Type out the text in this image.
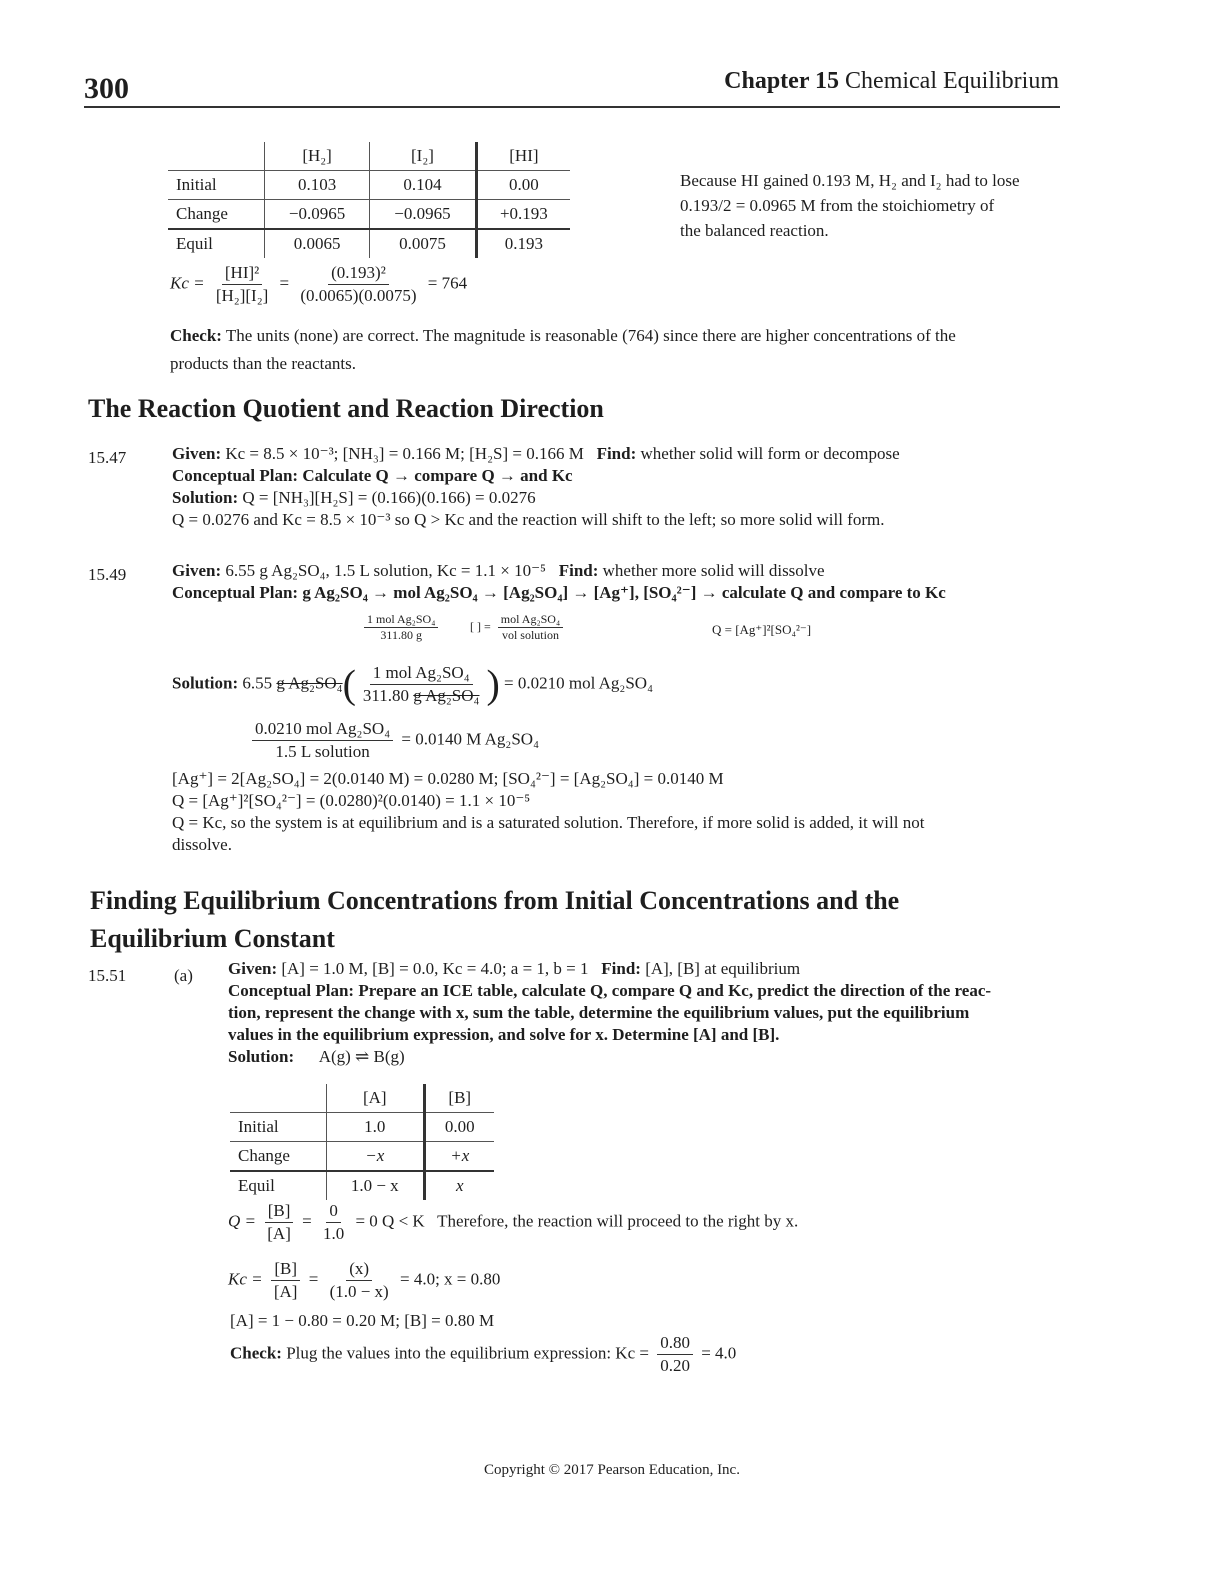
300	Chapter 15 Chemical Equilibrium
	[H₂]	[I₂]	[HI]
Initial	0.103	0.104	0.00
Change	−0.0965	−0.0965	+0.193
Equil	0.0065	0.0075	0.193
Because HI gained 0.193 M, H₂ and I₂ had to lose
0.193/2 = 0.0965 M from the stoichiometry of
the balanced reaction.
$Kc = \frac{\text{[HI]²}}{\text{[H₂][I₂]}} = \frac{\text{(0.193)²}}{(0.0065)(0.0075)} = 764$
Check: The units (none) are correct. The magnitude is reasonable (764) since there are higher concentrations of the
products than the reactants.
The Reaction Quotient and Reaction Direction
15.47	Given: Kc = 8.5 × 10⁻³; [NH₃] = 0.166 M; [H₂S] = 0.166 M Find: whether solid will form or decompose
Conceptual Plan: Calculate Q → compare Q → and Kc
Solution: Q = [NH₃][H₂S] = (0.166)(0.166) = 0.0276
Q = 0.0276 and Kc = 8.5 × 10⁻³ so Q > Kc and the reaction will shift to the left; so more solid will form.
15.49	Given: 6.55 g Ag₂SO₄, 1.5 L solution, Kc = 1.1 × 10⁻⁵ Find: whether more solid will dissolve
Conceptual Plan: g Ag₂SO₄ → mol Ag₂SO₄ → [Ag₂SO₄] → [Ag⁺], [SO₄²⁻] → calculate Q and compare to Kc
$\frac{\text{1 mol Ag₂SO₄}}{311.80 g}$	[ ] = $\frac{\text{mol Ag₂SO₄}}{\text{vol solution}}$	Q = [Ag⁺]²[SO₄²⁻]
Solution: 6.55 g $Ag_2SO_4( \frac{\text{1 mol Ag₂SO₄}}{\text{311.80 g Ag₂SO₄}}$ ) = 0.0210 mol Ag₂SO₄
$\frac{\text{0.0210 mol Ag₂SO₄}}{\text{1.5 L solution}} = 0.0140$ M Ag₂SO₄
[Ag⁺] = 2[Ag₂SO₄] = 2(0.0140 M) = 0.0280 M; [SO₄²⁻] = [Ag₂SO₄] = 0.0140 M
Q = [Ag⁺]²[SO₄²⁻] = (0.0280)²(0.0140) = 1.1 × 10⁻⁵
Q = Kc, so the system is at equilibrium and is a saturated solution. Therefore, if more solid is added, it will not
dissolve.
Finding Equilibrium Concentrations from Initial Concentrations and the
Equilibrium Constant
15.51	(a) Given: [A] = 1.0 M, [B] = 0.0, Kc = 4.0; a = 1, b = 1 Find: [A], [B] at equilibrium
Conceptual Plan: Prepare an ICE table, calculate Q, compare Q and Kc, predict the direction of the reac-
tion, represent the change with x, sum the table, determine the equilibrium values, put the equilibrium
values in the equilibrium expression, and solve for x. Determine [A] and [B].
Solution: A(g) ⇌ B(g)
	[A]	[B]
Initial	1.0	0.00
Change	−x	+x
Equil	1.0 − x	x
$Q = \frac{[B]}{[A]} = \frac{0}{1.0} = 0$ Q < K Therefore, the reaction will proceed to the right by x.
$Kc = \frac{[B]}{[A]} = \frac{(x)}{(1.0 - x)} = 4.0$; x = 0.80
[A] = 1 − 0.80 = 0.20 M; [B] = 0.80 M
Check: Plug the values into the equilibrium expression: $Kc = \frac{0.80}{0.20} = 4.0$
Copyright © 2017 Pearson Education, Inc.
